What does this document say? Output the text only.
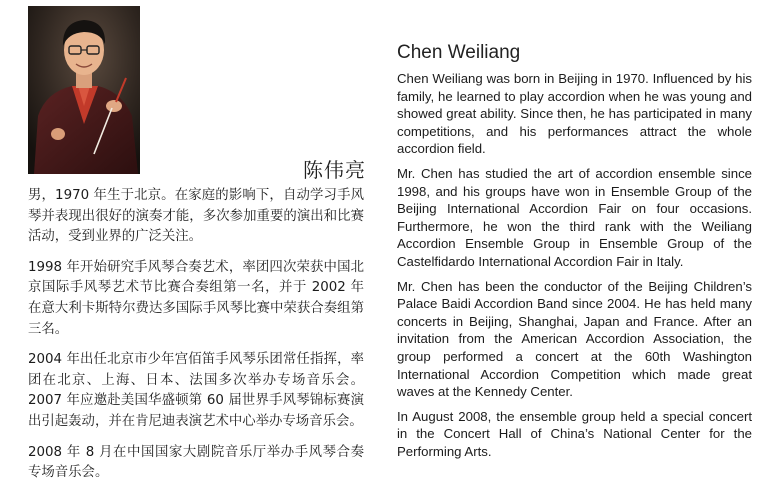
陈伟亮

男，1970 年生于北京。在家庭的影响下，自动学习手风琴并表现出很好的演奏才能，多次参加重要的演出和比赛活动，受到业界的广泛关注。

1998 年开始研究手风琴合奏艺术，率团四次荣获中国北京国际手风琴艺术节比赛合奏组第一名，并于 2002 年在意大利卡斯特尔费达多国际手风琴比赛中荣获合奏组第三名。

2004 年出任北京市少年宫佰笛手风琴乐团常任指挥，率团在北京、上海、日本、法国多次举办专场音乐会。2007 年应邀赴美国华盛顿第 60 届世界手风琴锦标赛演出引起轰动，并在肯尼迪表演艺术中心举办专场音乐会。

2008 年 8 月在中国国家大剧院音乐厅举办手风琴合奏专场音乐会。

Chen Weiliang

Chen Weiliang was born in Beijing in 1970. Influenced by his family, he learned to play accordion when he was young and showed great ability. Since then, he has participated in many competitions, and his performances attract the whole accordion field.

Mr. Chen has studied the art of accordion ensemble since 1998, and his groups have won in Ensemble Group of the Beijing International Accordion Fair on four occasions. Furthermore, he won the third rank with the Weiliang Accordion Ensemble Group in Ensemble Group of the Castelfidardo International Accordion Fair in Italy.

Mr. Chen has been the conductor of the Beijing Children’s Palace Baidi Accordion Band since 2004. He has held many concerts in Beijing, Shanghai, Japan and France. After an invitation from the American Accordion Association, the group performed a concert at the 60th Washington International Accordion Competition which made great waves at the Kennedy Center.

In August 2008, the ensemble group held a special concert in the Concert Hall of China’s National Center for the Performing Arts.
